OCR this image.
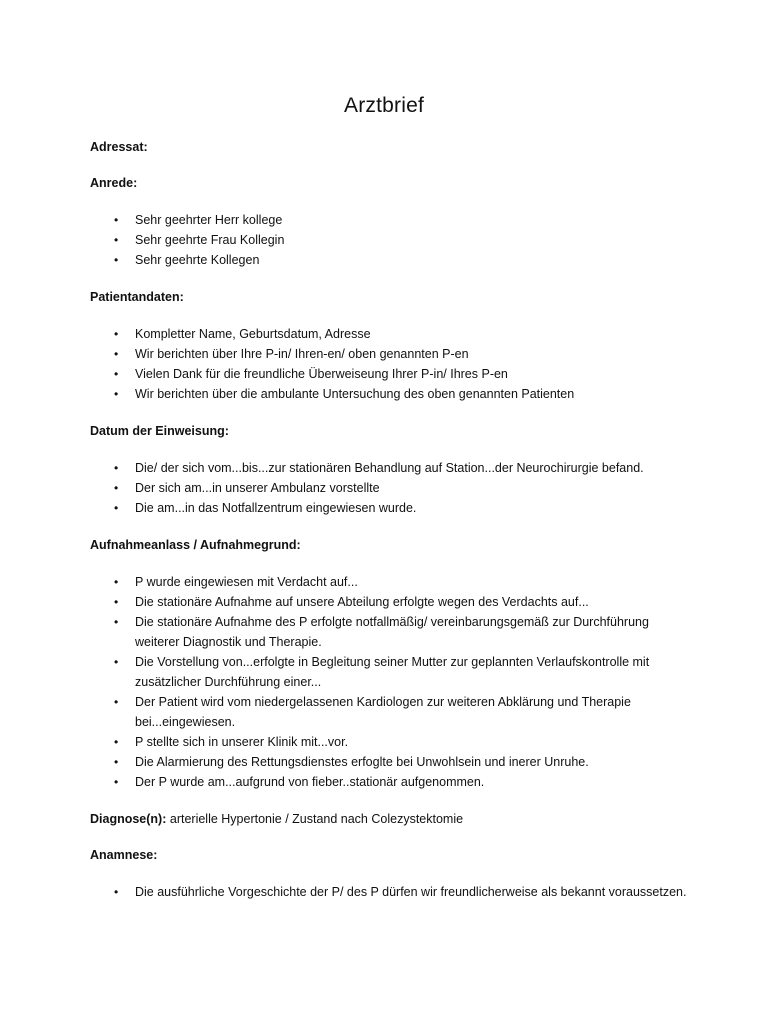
Arztbrief
Adressat:
Anrede:
• Sehr geehrter Herr kollege
• Sehr geehrte Frau Kollegin
• Sehr geehrte Kollegen
Patientandaten:
• Kompletter Name, Geburtsdatum, Adresse
• Wir berichten über Ihre P-in/ Ihren-en/ oben genannten P-en
• Vielen Dank für die freundliche Überweiseung Ihrer P-in/ Ihres P-en
• Wir berichten über die ambulante Untersuchung des oben genannten Patienten
Datum der Einweisung:
• Die/ der sich vom...bis...zur stationären Behandlung auf Station...der Neurochirurgie befand.
• Der sich am...in unserer Ambulanz vorstellte
• Die am...in das Notfallzentrum eingewiesen wurde.
Aufnahmeanlass / Aufnahmegrund:
• P wurde eingewiesen mit Verdacht auf...
• Die stationäre Aufnahme auf unsere Abteilung erfolgte wegen des Verdachts auf...
• Die stationäre Aufnahme des P erfolgte notfallmäßig/ vereinbarungsgemäß zur Durchführung weiterer Diagnostik und Therapie.
• Die Vorstellung von...erfolgte in Begleitung seiner Mutter zur geplannten Verlaufskontrolle mit zusätzlicher Durchführung einer...
• Der Patient wird vom niedergelassenen Kardiologen zur weiteren Abklärung und Therapie bei...eingewiesen.
• P stellte sich in unserer Klinik mit...vor.
• Die Alarmierung des Rettungsdienstes erfoglte bei Unwohlsein und inerer Unruhe.
• Der P wurde am...aufgrund von fieber..stationär aufgenommen.
Diagnose(n): arterielle Hypertonie / Zustand nach Colezystektomie
Anamnese:
• Die ausführliche Vorgeschichte der P/ des P dürfen wir freundlicherweise als bekannt voraussetzen.
